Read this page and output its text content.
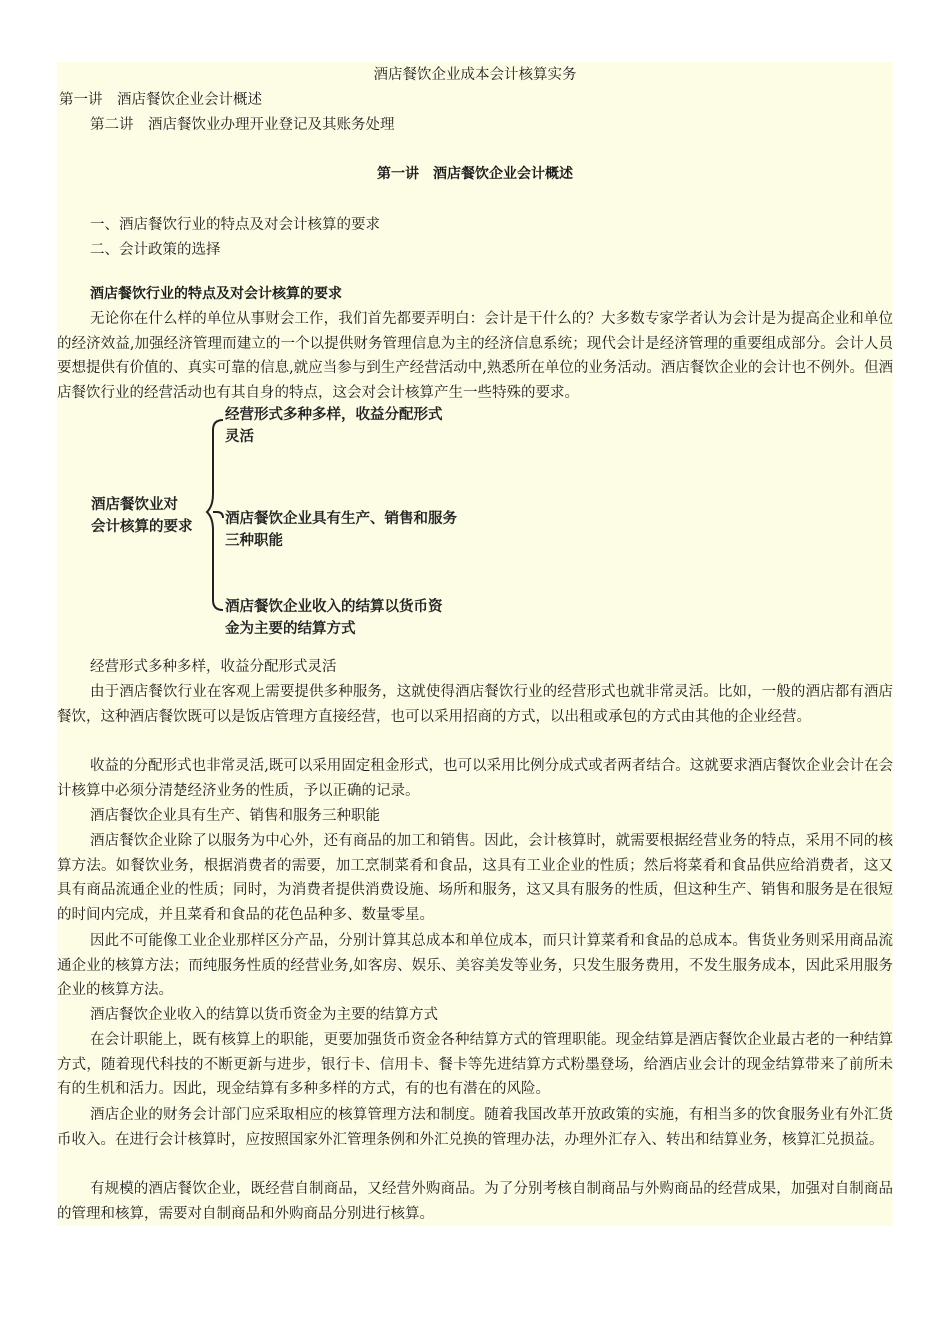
酒店餐饮企业成本会计核算实务
第一讲　酒店餐饮企业会计概述
第二讲　酒店餐饮业办理开业登记及其账务处理
第一讲　酒店餐饮企业会计概述
一、酒店餐饮行业的特点及对会计核算的要求
二、会计政策的选择
酒店餐饮行业的特点及对会计核算的要求
无论你在什么样的单位从事财会工作，我们首先都要弄明白：会计是干什么的？大多数专家学者认为会计是为提高企业和单位的经济效益,加强经济管理而建立的一个以提供财务管理信息为主的经济信息系统；现代会计是经济管理的重要组成部分。会计人员要想提供有价值的、真实可靠的信息,就应当参与到生产经营活动中,熟悉所在单位的业务活动。酒店餐饮企业的会计也不例外。但酒店餐饮行业的经营活动也有其自身的特点，这会对会计核算产生一些特殊的要求。
酒店餐饮业对
会计核算的要求
经营形式多种多样，收益分配形式
灵活
酒店餐饮企业具有生产、销售和服务
三种职能
酒店餐饮企业收入的结算以货币资
金为主要的结算方式
经营形式多种多样，收益分配形式灵活
由于酒店餐饮行业在客观上需要提供多种服务，这就使得酒店餐饮行业的经营形式也就非常灵活。比如，一般的酒店都有酒店餐饮，这种酒店餐饮既可以是饭店管理方直接经营，也可以采用招商的方式，以出租或承包的方式由其他的企业经营。
收益的分配形式也非常灵活,既可以采用固定租金形式，也可以采用比例分成式或者两者结合。这就要求酒店餐饮企业会计在会计核算中必须分清楚经济业务的性质，予以正确的记录。
酒店餐饮企业具有生产、销售和服务三种职能
酒店餐饮企业除了以服务为中心外，还有商品的加工和销售。因此，会计核算时，就需要根据经营业务的特点，采用不同的核算方法。如餐饮业务，根据消费者的需要，加工烹制菜肴和食品，这具有工业企业的性质；然后将菜肴和食品供应给消费者，这又具有商品流通企业的性质；同时，为消费者提供消费设施、场所和服务，这又具有服务的性质，但这种生产、销售和服务是在很短的时间内完成，并且菜肴和食品的花色品种多、数量零星。
因此不可能像工业企业那样区分产品，分别计算其总成本和单位成本，而只计算菜肴和食品的总成本。售货业务则采用商品流通企业的核算方法；而纯服务性质的经营业务,如客房、娱乐、美容美发等业务，只发生服务费用，不发生服务成本，因此采用服务企业的核算方法。
酒店餐饮企业收入的结算以货币资金为主要的结算方式
在会计职能上，既有核算上的职能，更要加强货币资金各种结算方式的管理职能。现金结算是酒店餐饮企业最古老的一种结算方式，随着现代科技的不断更新与进步，银行卡、信用卡、餐卡等先进结算方式粉墨登场，给酒店业会计的现金结算带来了前所未有的生机和活力。因此，现金结算有多种多样的方式，有的也有潜在的风险。
酒店企业的财务会计部门应采取相应的核算管理方法和制度。随着我国改革开放政策的实施，有相当多的饮食服务业有外汇货币收入。在进行会计核算时，应按照国家外汇管理条例和外汇兑换的管理办法，办理外汇存入、转出和结算业务，核算汇兑损益。
有规模的酒店餐饮企业，既经营自制商品，又经营外购商品。为了分别考核自制商品与外购商品的经营成果，加强对自制商品的管理和核算，需要对自制商品和外购商品分别进行核算。
